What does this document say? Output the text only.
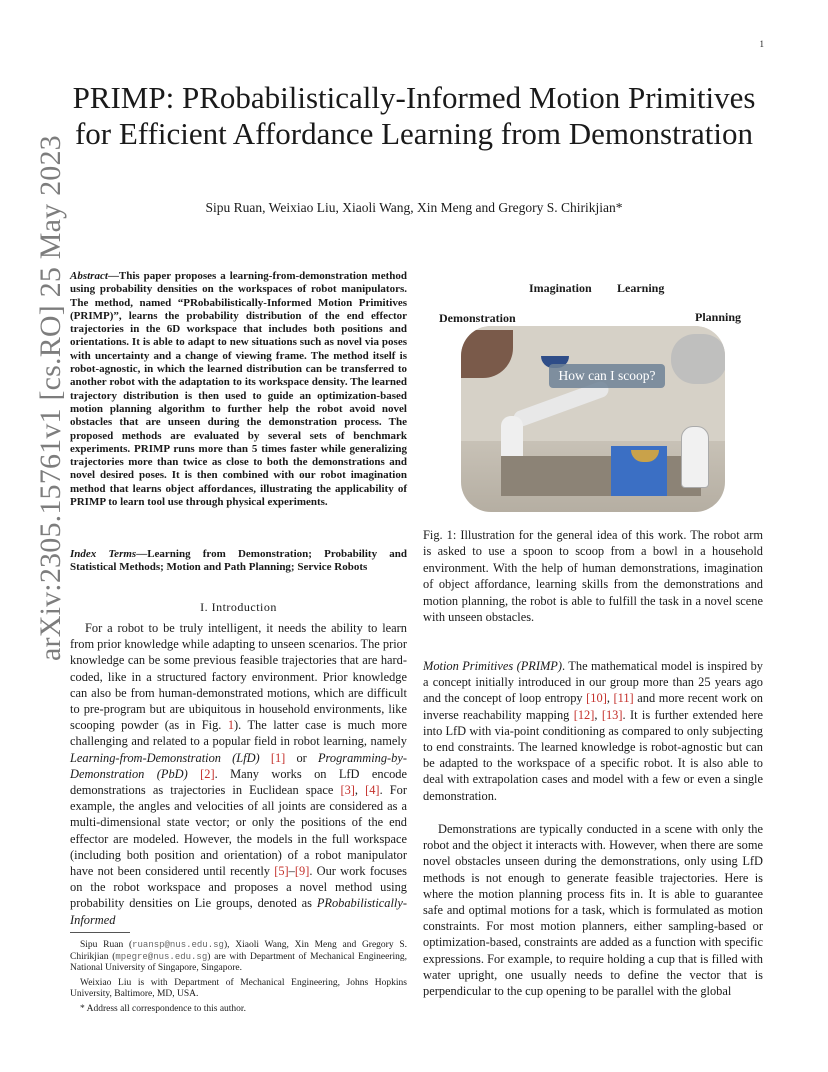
1
arXiv:2305.15761v1 [cs.RO] 25 May 2023
PRIMP: PRobabilistically-Informed Motion Primitives for Efficient Affordance Learning from Demonstration
Sipu Ruan, Weixiao Liu, Xiaoli Wang, Xin Meng and Gregory S. Chirikjian*
Abstract—This paper proposes a learning-from-demonstration method using probability densities on the workspaces of robot manipulators. The method, named “PRobabilistically-Informed Motion Primitives (PRIMP)”, learns the probability distribution of the end effector trajectories in the 6D workspace that includes both positions and orientations. It is able to adapt to new situations such as novel via poses with uncertainty and a change of viewing frame. The method itself is robot-agnostic, in which the learned distribution can be transferred to another robot with the adaptation to its workspace density. The learned trajectory distribution is then used to guide an optimization-based motion planning algorithm to further help the robot avoid novel obstacles that are unseen during the demonstration process. The proposed methods are evaluated by several sets of benchmark experiments. PRIMP runs more than 5 times faster while generalizing trajectories more than twice as close to both the demonstrations and novel desired poses. It is then combined with our robot imagination method that learns object affordances, illustrating the applicability of PRIMP to learn tool use through physical experiments.
Index Terms—Learning from Demonstration; Probability and Statistical Methods; Motion and Path Planning; Service Robots
I. Introduction

For a robot to be truly intelligent, it needs the ability to learn from prior knowledge while adapting to unseen scenarios. The prior knowledge can be some previous feasible trajectories that are hard-coded, like in a structured factory environment. Prior knowledge can also be from human-demonstrated motions, which are difficult to pre-program but are ubiquitous in household environments, like scooping powder (as in Fig. 1). The latter case is much more challenging and related to a popular field in robot learning, namely Learning-from-Demonstration (LfD) [1] or Programming-by-Demonstration (PbD) [2]. Many works on LfD encode demonstrations as trajectories in Euclidean space [3], [4]. For example, the angles and velocities of all joints are considered as a multi-dimensional state vector; or only the positions of the end effector are modeled. However, the models in the full workspace (including both position and orientation) of a robot manipulator have not been considered until recently [5]–[9]. Our work focuses on the robot workspace and proposes a novel method using probability densities on Lie groups, denoted as PRobabilistically-Informed

Sipu Ruan (ruansp@nus.edu.sg), Xiaoli Wang, Xin Meng and Gregory S. Chirikjian (mpegre@nus.edu.sg) are with Department of Mechanical Engineering, National University of Singapore, Singapore.

Weixiao Liu is with Department of Mechanical Engineering, Johns Hopkins University, Baltimore, MD, USA.

* Address all correspondence to this author.

Imagination Learning
Demonstration	Planning
How can I scoop?
Fig. 1: Illustration for the general idea of this work. The robot arm is asked to use a spoon to scoop from a bowl in a household environment. With the help of human demonstrations, imagination of object affordance, learning skills from the demonstrations and motion planning, the robot is able to fulfill the task in a novel scene with unseen obstacles.

Motion Primitives (PRIMP). The mathematical model is inspired by a concept initially introduced in our group more than 25 years ago and the concept of loop entropy [10], [11] and more recent work on inverse reachability mapping [12], [13]. It is further extended here into LfD with via-point conditioning as compared to only subjecting to end constraints. The learned knowledge is robot-agnostic but can be adapted to the workspace of a specific robot. It is also able to deal with extrapolation cases and model with a few or even a single demonstration.

Demonstrations are typically conducted in a scene with only the robot and the object it interacts with. However, when there are some novel obstacles unseen during the demonstrations, only using LfD methods is not enough to generate feasible trajectories. Here is where the motion planning process fits in. It is able to guarantee safe and optimal motions for a task, which is formulated as motion constraints. For most motion planners, either sampling-based or optimization-based, constraints are added as a function with specific expressions. For example, to require holding a cup that is filled with water upright, one usually needs to define the vector that is perpendicular to the cup opening to be parallel with the global
